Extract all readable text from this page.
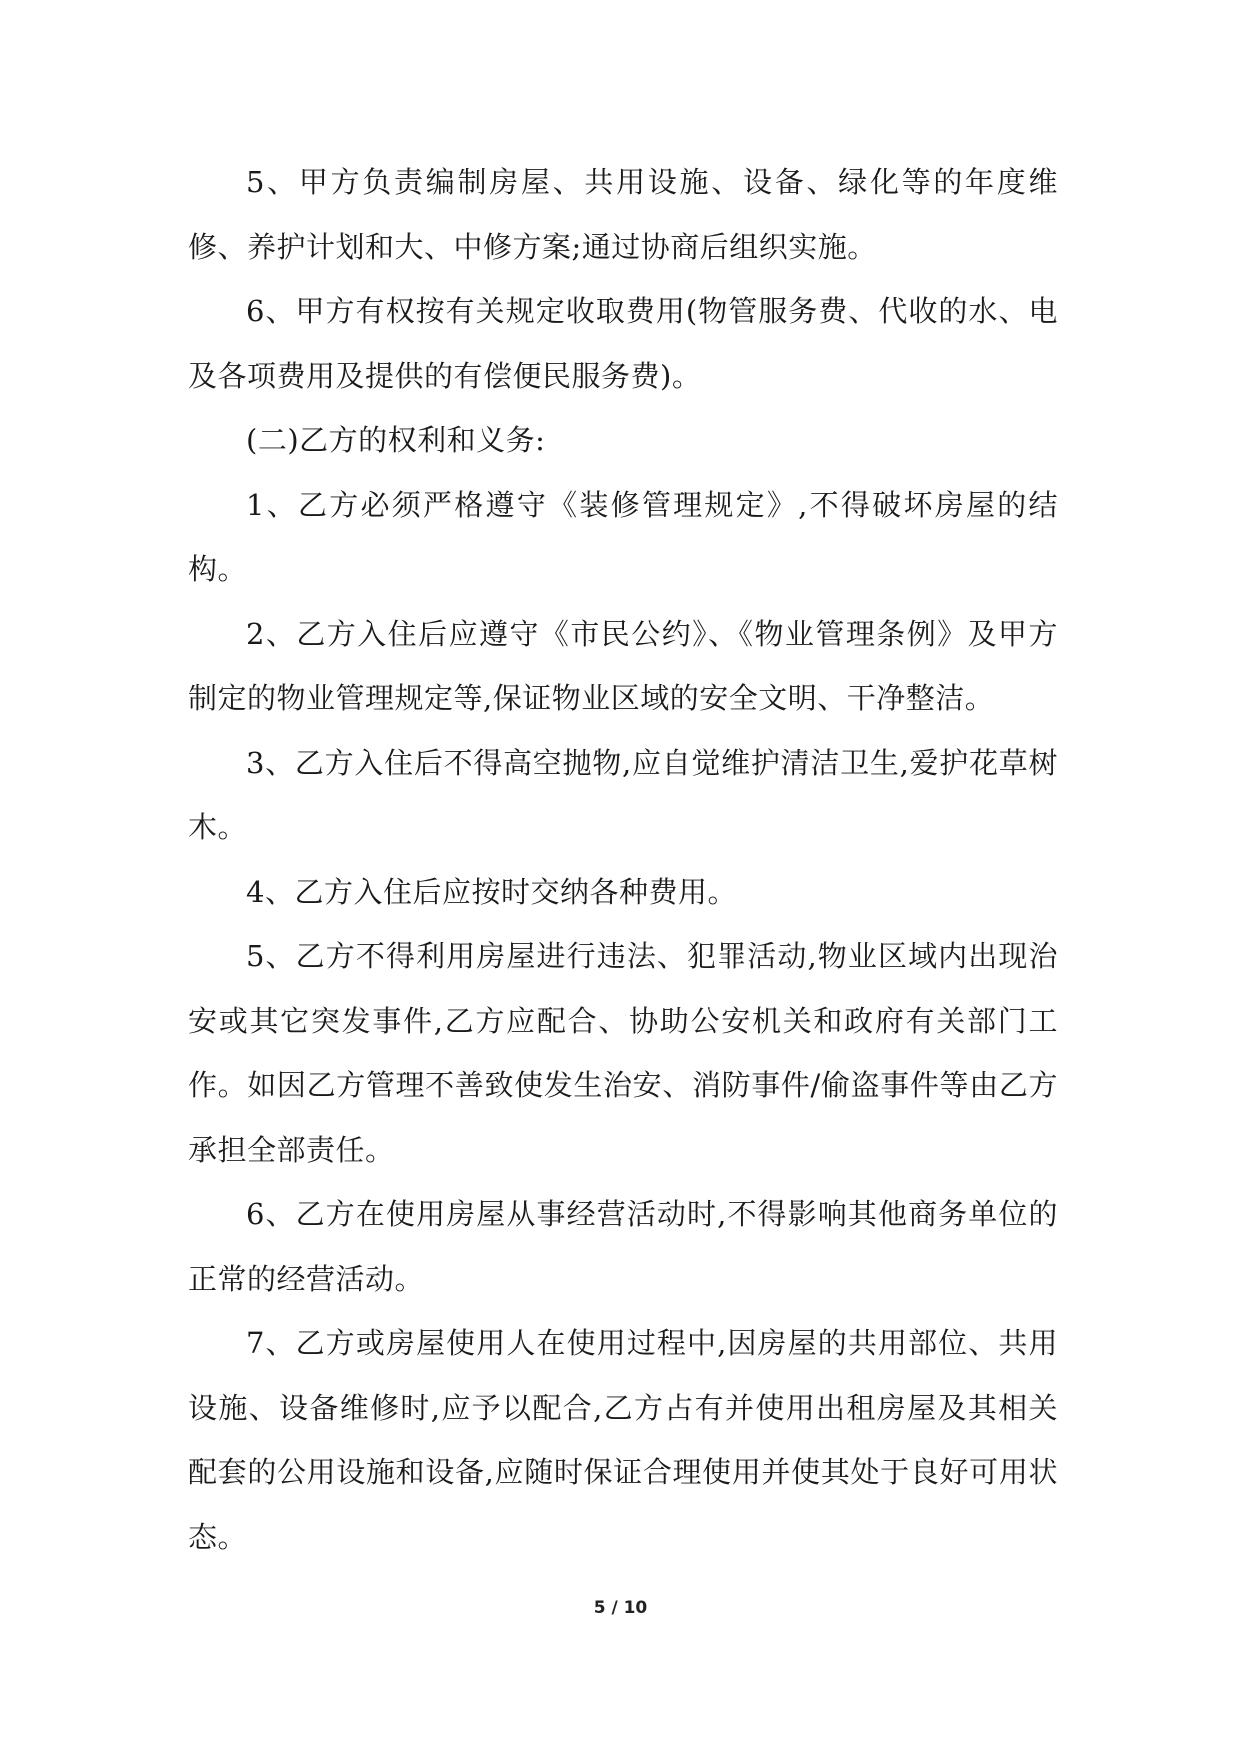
5、甲方负责编制房屋、共用设施、设备、绿化等的年度维修、养护计划和大、中修方案;通过协商后组织实施。

6、甲方有权按有关规定收取费用(物管服务费、代收的水、电及各项费用及提供的有偿便民服务费)。

(二)乙方的权利和义务:

1、乙方必须严格遵守《装修管理规定》,不得破坏房屋的结构。

2、乙方入住后应遵守《市民公约》、《物业管理条例》及甲方制定的物业管理规定等,保证物业区域的安全文明、干净整洁。

3、乙方入住后不得高空抛物,应自觉维护清洁卫生,爱护花草树木。

4、乙方入住后应按时交纳各种费用。

5、乙方不得利用房屋进行违法、犯罪活动,物业区域内出现治安或其它突发事件,乙方应配合、协助公安机关和政府有关部门工作。如因乙方管理不善致使发生治安、消防事件/偷盗事件等由乙方承担全部责任。

6、乙方在使用房屋从事经营活动时,不得影响其他商务单位的正常的经营活动。

7、乙方或房屋使用人在使用过程中,因房屋的共用部位、共用设施、设备维修时,应予以配合,乙方占有并使用出租房屋及其相关配套的公用设施和设备,应随时保证合理使用并使其处于良好可用状态。

5 / 10
